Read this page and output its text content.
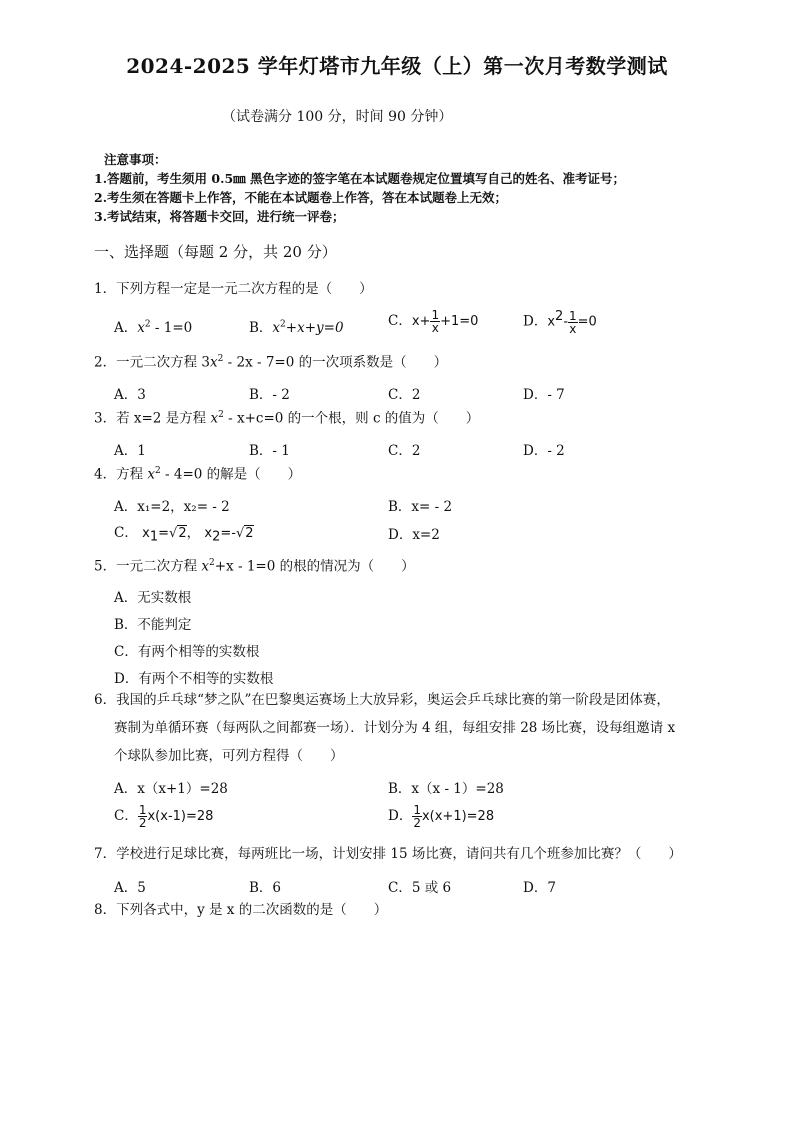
2024-2025 学年灯塔市九年级（上）第一次月考数学测试
（试卷满分 100 分，时间 90 分钟）
注意事项：
1.答题前，考生须用 0.5㎜ 黑色字迹的签字笔在本试题卷规定位置填写自己的姓名、准考证号；
2.考生须在答题卡上作答，不能在本试题卷上作答，答在本试题卷上无效；
3.考试结束，将答题卡交回，进行统一评卷；
一、选择题（每题 2 分，共 20 分）
1．下列方程一定是一元二次方程的是（　　）
A．$x^2 - 1=0$	B．$x^2+x+y=0$	C．$x+ \frac{1}{x} +1=0$	D．$x^2- \frac{1}{x} =0$
2．一元二次方程 $3x^2 - 2x - 7=0$ 的一次项系数是（　　）
A．3	B．- 2	C．2	D．- 7
3．若 x=2 是方程 $x^2 - x+c=0$ 的一个根，则 c 的值为（　　）
A．1	B．- 1	C．2	D．- 2
4．方程 $x^2 - 4=0$ 的解是（　　）
A．x₁=2，x₂= - 2	B．x= - 2
C． $x_1=√2$， $x_2=-√2$	D．x=2
5．一元二次方程 $x^2+x - 1=0$ 的根的情况为（　　）
A．无实数根
B．不能判定
C．有两个相等的实数根
D．有两个不相等的实数根
6．我国的乒乓球“梦之队”在巴黎奥运赛场上大放异彩，奥运会乒乓球比赛的第一阶段是团体赛，
赛制为单循环赛（每两队之间都赛一场）．计划分为 4 组，每组安排 28 场比赛，设每组邀请 x
个球队参加比赛，可列方程得（　　）
A．x（x+1）=28	B．x（x - 1）=28
C． $\frac{1}{2} x(x-1)=28$	D． $\frac{1}{2} x(x+1)=28$
7．学校进行足球比赛，每两班比一场，计划安排 15 场比赛，请问共有几个班参加比赛？（　　）
A．5	B．6	C．5 或 6	D．7
8．下列各式中，y 是 x 的二次函数的是（　　）
